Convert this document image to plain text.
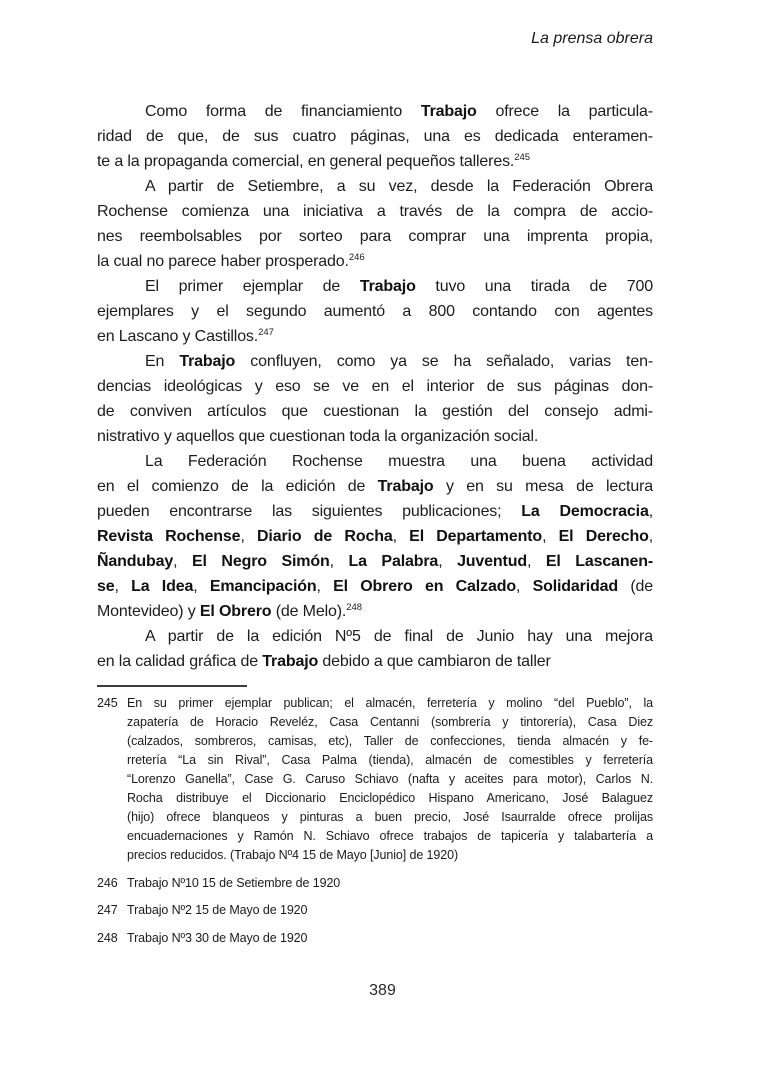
La prensa obrera
Como forma de financiamiento Trabajo ofrece la particula-
ridad de que, de sus cuatro páginas, una es dedicada enteramen-
te a la propaganda comercial, en general pequeños talleres.$^{245}$
A partir de Setiembre, a su vez, desde la Federación Obrera
Rochense comienza una iniciativa a través de la compra de accio-
nes reembolsables por sorteo para comprar una imprenta propia,
la cual no parece haber prosperado.$^{246}$
El primer ejemplar de Trabajo tuvo una tirada de 700
ejemplares y el segundo aumentó a 800 contando con agentes
en Lascano y Castillos.$^{247}$
En Trabajo confluyen, como ya se ha señalado, varias ten-
dencias ideológicas y eso se ve en el interior de sus páginas don-
de conviven artículos que cuestionan la gestión del consejo admi-
nistrativo y aquellos que cuestionan toda la organización social.
La Federación Rochense muestra una buena actividad
en el comienzo de la edición de Trabajo y en su mesa de lectura
pueden encontrarse las siguientes publicaciones; La Democracia,
Revista Rochense, Diario de Rocha, El Departamento, El Derecho,
Ñandubay, El Negro Simón, La Palabra, Juventud, El Lascanen-
se, La Idea, Emancipación, El Obrero en Calzado, Solidaridad (de
Montevideo) y El Obrero (de Melo).$^{248}$
A partir de la edición Nº5 de final de Junio hay una mejora
en la calidad gráfica de Trabajo debido a que cambiaron de taller
245 En su primer ejemplar publican; el almacén, ferretería y molino “del Pueblo”, la
zapatería de Horacio Reveléz, Casa Centanni (sombrería y tintorería), Casa Diez
(calzados, sombreros, camisas, etc), Taller de confecciones, tienda almacén y fe-
rretería “La sin Rival”, Casa Palma (tienda), almacén de comestibles y ferretería
“Lorenzo Ganella”, Case G. Caruso Schiavo (nafta y aceites para motor), Carlos N.
Rocha distribuye el Diccionario Enciclopédico Hispano Americano, José Balaguez
(hijo) ofrece blanqueos y pinturas a buen precio, José Isaurralde ofrece prolijas
encuadernaciones y Ramón N. Schiavo ofrece trabajos de tapicería y talabartería a
precios reducidos. (Trabajo Nº4 15 de Mayo [Junio] de 1920)
246 Trabajo Nº10 15 de Setiembre de 1920
247 Trabajo Nº2 15 de Mayo de 1920
248 Trabajo Nº3 30 de Mayo de 1920
389
